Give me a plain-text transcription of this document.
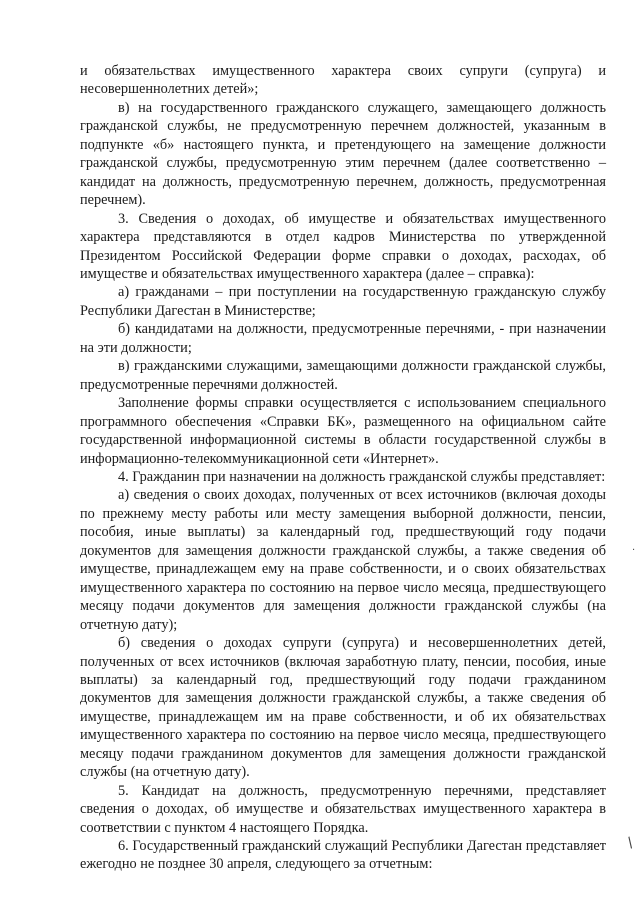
и обязательствах имущественного характера своих супруги (супруга) и несовершеннолетних детей»;

в) на государственного гражданского служащего, замещающего должность гражданской службы, не предусмотренную перечнем должностей, указанным в подпункте «б» настоящего пункта, и претендующего на замещение должности гражданской службы, предусмотренную этим перечнем (далее соответственно – кандидат на должность, предусмотренную перечнем, должность, предусмотренная перечнем).

3. Сведения о доходах, об имуществе и обязательствах имущественного характера представляются в отдел кадров Министерства по утвержденной Президентом Российской Федерации форме справки о доходах, расходах, об имуществе и обязательствах имущественного характера (далее – справка):

а) гражданами – при поступлении на государственную гражданскую службу Республики Дагестан в Министерстве;

б) кандидатами на должности, предусмотренные перечнями, - при назначении на эти должности;

в) гражданскими служащими, замещающими должности гражданской службы, предусмотренные перечнями должностей.

Заполнение формы справки осуществляется с использованием специального программного обеспечения «Справки БК», размещенного на официальном сайте государственной информационной системы в области государственной службы в информационно-телекоммуникационной сети «Интернет».

4. Гражданин при назначении на должность гражданской службы представляет:

а) сведения о своих доходах, полученных от всех источников (включая доходы по прежнему месту работы или месту замещения выборной должности, пенсии, пособия, иные выплаты) за календарный год, предшествующий году подачи документов для замещения должности гражданской службы, а также сведения об имуществе, принадлежащем ему на праве собственности, и о своих обязательствах имущественного характера по состоянию на первое число месяца, предшествующего месяцу подачи документов для замещения должности гражданской службы (на отчетную дату);

б) сведения о доходах супруги (супруга) и несовершеннолетних детей, полученных от всех источников (включая заработную плату, пенсии, пособия, иные выплаты) за календарный год, предшествующий году подачи гражданином документов для замещения должности гражданской службы, а также сведения об имуществе, принадлежащем им на праве собственности, и об их обязательствах имущественного характера по состоянию на первое число месяца, предшествующего месяцу подачи гражданином документов для замещения должности гражданской службы (на отчетную дату).

5. Кандидат на должность, предусмотренную перечнями, представляет сведения о доходах, об имуществе и обязательствах имущественного характера в соответствии с пунктом 4 настоящего Порядка.

6. Государственный гражданский служащий Республики Дагестан представляет ежегодно не позднее 30 апреля, следующего за отчетным:

·
/
